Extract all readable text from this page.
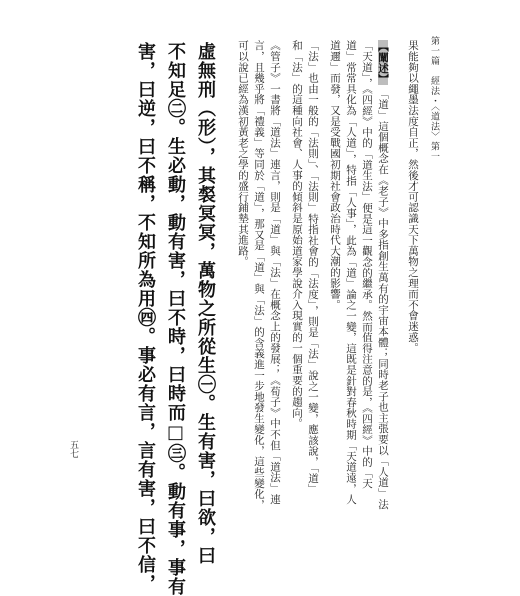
第一篇　經法・〈道法〉第一
果能夠以繩墨法度自正，然後才可認識天下萬物之理而不會迷惑。
【闡述】「道」這個概念在《老子》中多指創生萬有的宇宙本體；同時老子也主張要以「人道」法
「天道」，《四經》中的「道生法」便是這一觀念的繼承。然而值得注意的是，《四經》中的「天
道」常常具化為「人道」，特指「人事」，此為「道」論之一變，這既是針對春秋時期「天道遠，人
道邇」而發，又是受戰國初期社會政治時代大潮的影響。
「法」也由一般的「法則」、「法則」特指社會的「法度」，則是「法」說之一變，應該說，「道」
和「法」的這種向社會、人事的傾斜是原始道家學說介入現實的一個重要的趨向。
《管子》一書將「道法」連言，則是「道」與「法」在概念上的發展；《荀子》中不但「道法」連
言，且幾乎將「禮義」等同於「道」，那又是「道」與「法」的含義進一步地發生變化，這些變化，
可以說已經為漢初黃老之學的盛行鋪墊其進路。
虛無刑（形），其裻冥冥，萬物之所從生㊀。生有害，曰欲，曰
不知足㊁。生必動，動有害，曰不時，曰時而□㊂。動有事，事有
害，曰逆，曰不稱，不知所為用㊃。事必有言，言有害，曰不信，
五七
